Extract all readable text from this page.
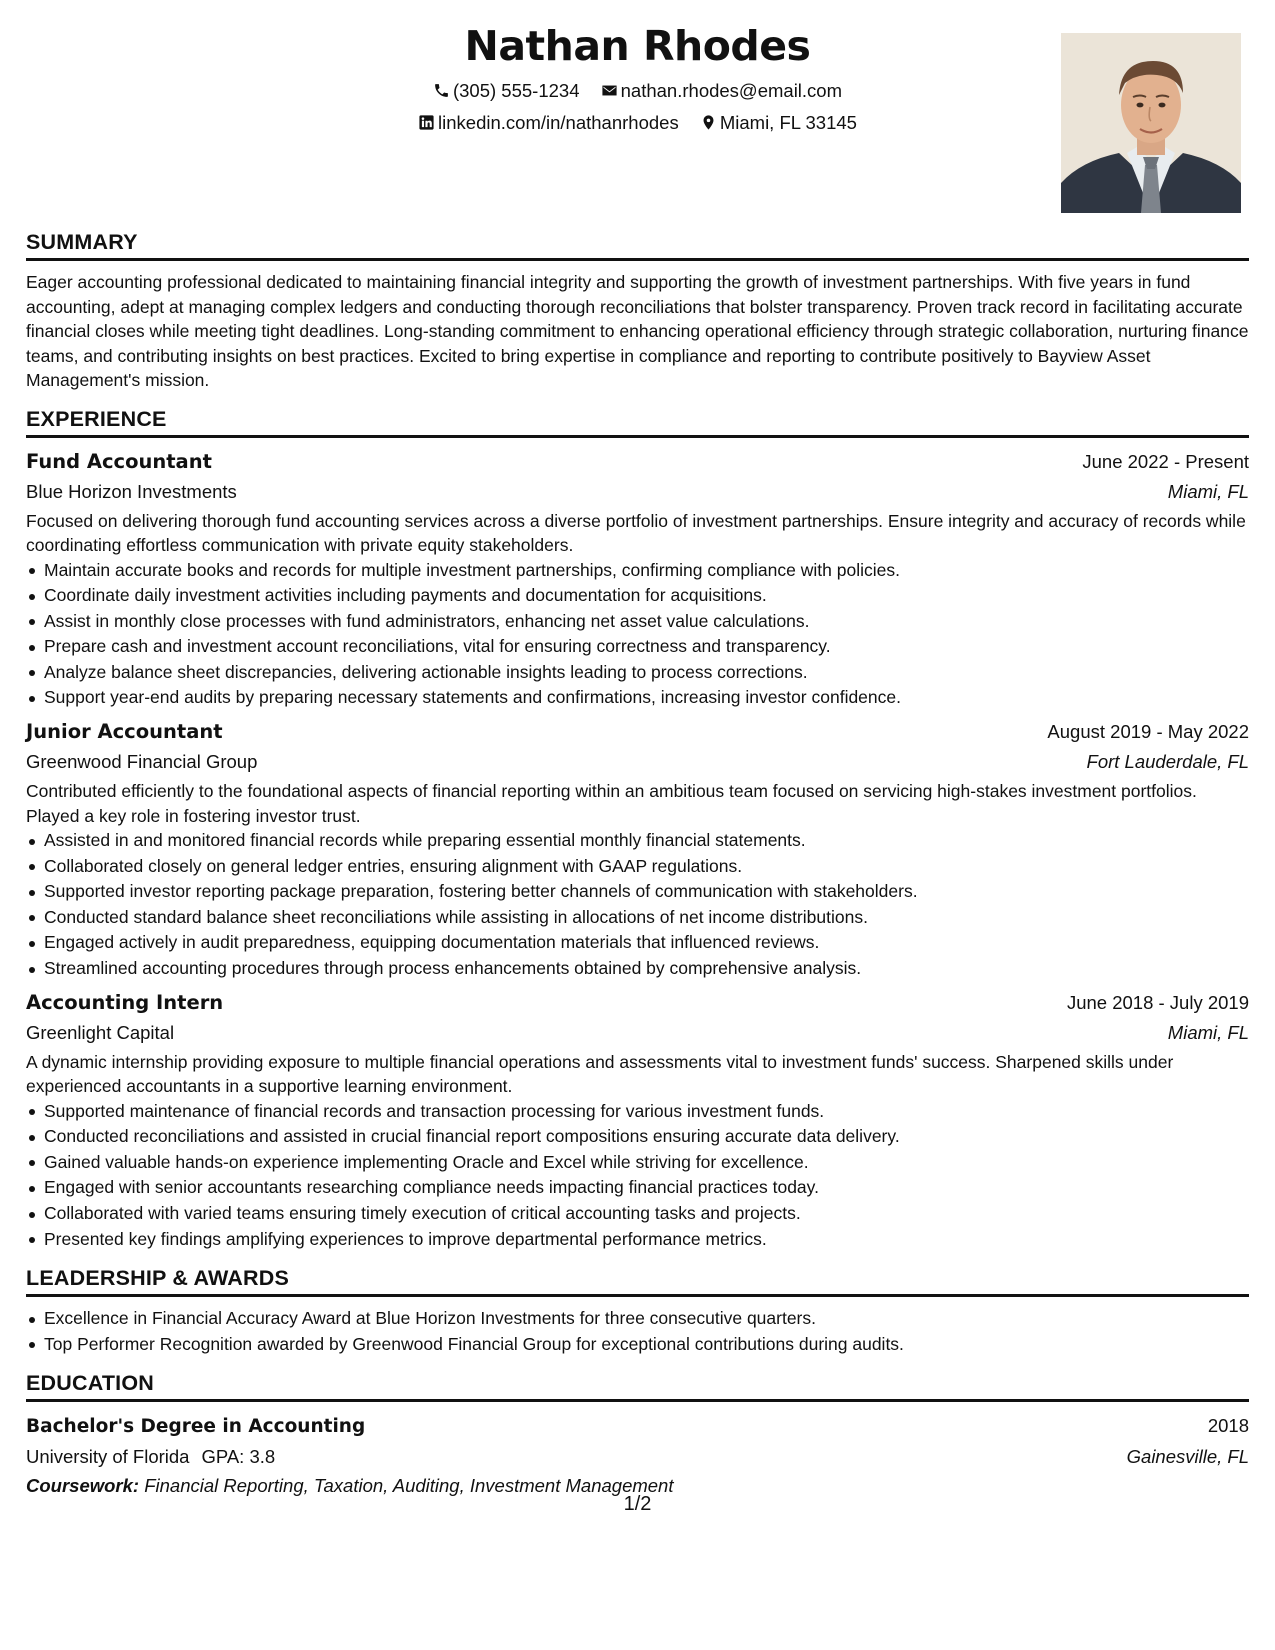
Nathan Rhodes
(305) 555-1234 nathan.rhodes@email.com
linkedin.com/in/nathanrhodes Miami, FL 33145
SUMMARY

Eager accounting professional dedicated to maintaining financial integrity and supporting the growth of investment partnerships. With five years in fund accounting, adept at managing complex ledgers and conducting thorough reconciliations that bolster transparency. Proven track record in facilitating accurate financial closes while meeting tight deadlines. Long-standing commitment to enhancing operational efficiency through strategic collaboration, nurturing finance teams, and contributing insights on best practices. Excited to bring expertise in compliance and reporting to contribute positively to Bayview Asset Management's mission.

EXPERIENCE
Fund Accountant	June 2022 - Present
Blue Horizon Investments	Miami, FL

Focused on delivering thorough fund accounting services across a diverse portfolio of investment partnerships. Ensure integrity and accuracy of records while coordinating effortless communication with private equity stakeholders.

Maintain accurate books and records for multiple investment partnerships, confirming compliance with policies.
Coordinate daily investment activities including payments and documentation for acquisitions.
Assist in monthly close processes with fund administrators, enhancing net asset value calculations.
Prepare cash and investment account reconciliations, vital for ensuring correctness and transparency.
Analyze balance sheet discrepancies, delivering actionable insights leading to process corrections.
Support year-end audits by preparing necessary statements and confirmations, increasing investor confidence.
Junior Accountant	August 2019 - May 2022
Greenwood Financial Group	Fort Lauderdale, FL

Contributed efficiently to the foundational aspects of financial reporting within an ambitious team focused on servicing high-stakes investment portfolios. Played a key role in fostering investor trust.

Assisted in and monitored financial records while preparing essential monthly financial statements.
Collaborated closely on general ledger entries, ensuring alignment with GAAP regulations.
Supported investor reporting package preparation, fostering better channels of communication with stakeholders.
Conducted standard balance sheet reconciliations while assisting in allocations of net income distributions.
Engaged actively in audit preparedness, equipping documentation materials that influenced reviews.
Streamlined accounting procedures through process enhancements obtained by comprehensive analysis.
Accounting Intern	June 2018 - July 2019
Greenlight Capital	Miami, FL

A dynamic internship providing exposure to multiple financial operations and assessments vital to investment funds' success. Sharpened skills under experienced accountants in a supportive learning environment.

Supported maintenance of financial records and transaction processing for various investment funds.
Conducted reconciliations and assisted in crucial financial report compositions ensuring accurate data delivery.
Gained valuable hands-on experience implementing Oracle and Excel while striving for excellence.
Engaged with senior accountants researching compliance needs impacting financial practices today.
Collaborated with varied teams ensuring timely execution of critical accounting tasks and projects.
Presented key findings amplifying experiences to improve departmental performance metrics.
LEADERSHIP & AWARDS
Excellence in Financial Accuracy Award at Blue Horizon Investments for three consecutive quarters.
Top Performer Recognition awarded by Greenwood Financial Group for exceptional contributions during audits.
EDUCATION
Bachelor's Degree in Accounting	2018
University of Florida GPA: 3.8	Gainesville, FL
Coursework: Financial Reporting, Taxation, Auditing, Investment Management
1/2
